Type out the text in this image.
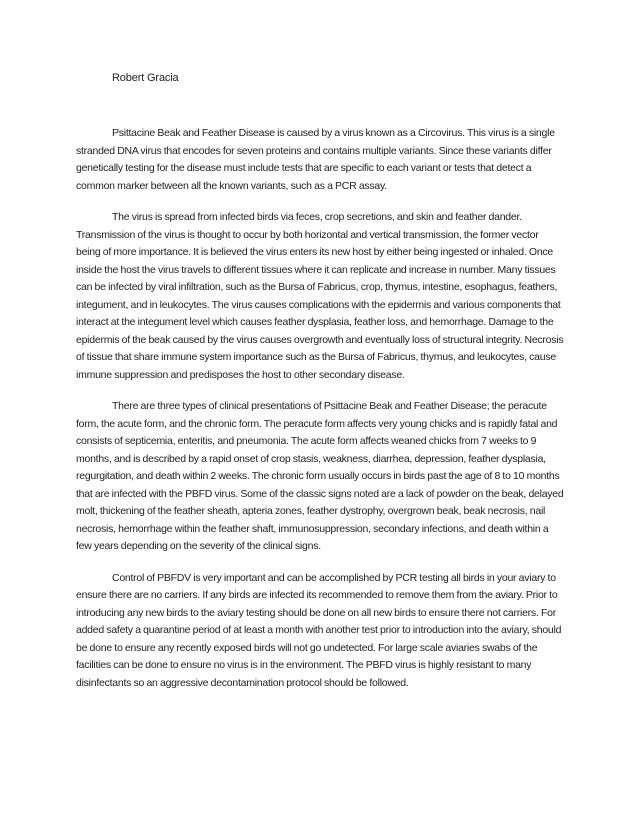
Robert Gracia

Psittacine Beak and Feather Disease is caused by a virus known as a Circovirus. This virus is a single stranded DNA virus that encodes for seven proteins and contains multiple variants. Since these variants differ genetically testing for the disease must include tests that are specific to each variant or tests that detect a common marker between all the known variants, such as a PCR assay.

The virus is spread from infected birds via feces, crop secretions, and skin and feather dander. Transmission of the virus is thought to occur by both horizontal and vertical transmission, the former vector being of more importance. It is believed the virus enters its new host by either being ingested or inhaled. Once inside the host the virus travels to different tissues where it can replicate and increase in number. Many tissues can be infected by viral infiltration, such as the Bursa of Fabricus, crop, thymus, intestine, esophagus, feathers, integument, and in leukocytes. The virus causes complications with the epidermis and various components that interact at the integument level which causes feather dysplasia, feather loss, and hemorrhage. Damage to the epidermis of the beak caused by the virus causes overgrowth and eventually loss of structural integrity. Necrosis of tissue that share immune system importance such as the Bursa of Fabricus, thymus, and leukocytes, cause immune suppression and predisposes the host to other secondary disease.

There are three types of clinical presentations of Psittacine Beak and Feather Disease; the peracute form, the acute form, and the chronic form. The peracute form affects very young chicks and is rapidly fatal and consists of septicemia, enteritis, and pneumonia. The acute form affects weaned chicks from 7 weeks to 9 months, and is described by a rapid onset of crop stasis, weakness, diarrhea, depression, feather dysplasia, regurgitation, and death within 2 weeks. The chronic form usually occurs in birds past the age of 8 to 10 months that are infected with the PBFD virus. Some of the classic signs noted are a lack of powder on the beak, delayed molt, thickening of the feather sheath, apteria zones, feather dystrophy, overgrown beak, beak necrosis, nail necrosis, hemorrhage within the feather shaft, immunosuppression, secondary infections, and death within a few years depending on the severity of the clinical signs.

Control of PBFDV is very important and can be accomplished by PCR testing all birds in your aviary to ensure there are no carriers. If any birds are infected its recommended to remove them from the aviary. Prior to introducing any new birds to the aviary testing should be done on all new birds to ensure there not carriers. For added safety a quarantine period of at least a month with another test prior to introduction into the aviary, should be done to ensure any recently exposed birds will not go undetected. For large scale aviaries swabs of the facilities can be done to ensure no virus is in the environment. The PBFD virus is highly resistant to many disinfectants so an aggressive decontamination protocol should be followed.
